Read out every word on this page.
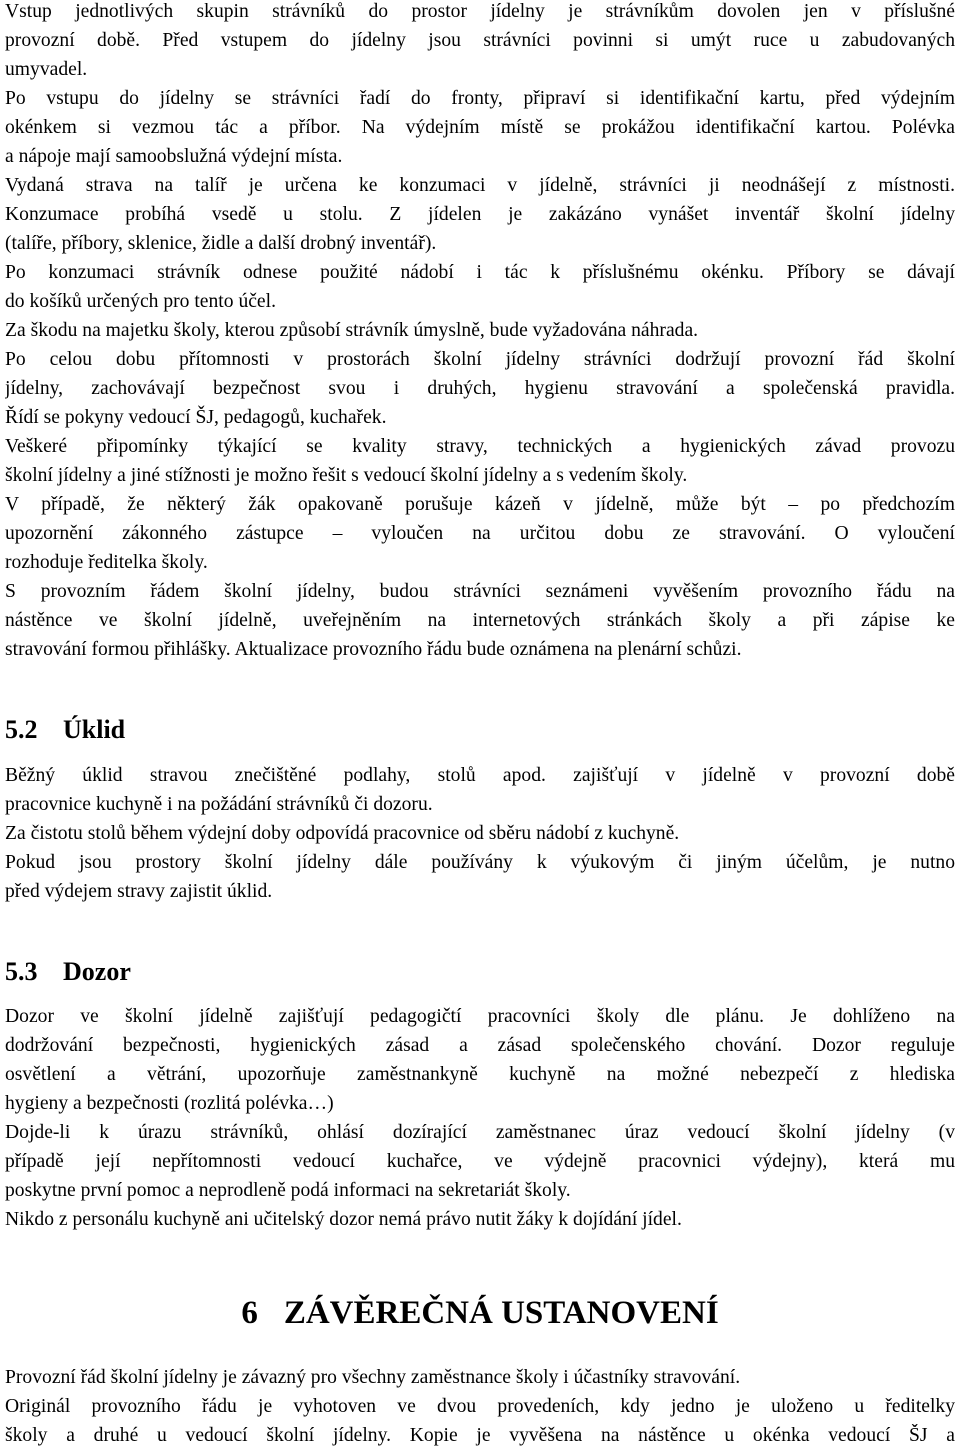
Vstup jednotlivých skupin strávníků do prostor jídelny je strávníkům dovolen jen v příslušné
provozní době. Před vstupem do jídelny jsou strávníci povinni si umýt ruce u zabudovaných
umyvadel.
Po vstupu do jídelny se strávníci řadí do fronty, připraví si identifikační kartu, před výdejním
okénkem si vezmou tác a příbor. Na výdejním místě se prokážou identifikační kartou. Polévka
a nápoje mají samoobslužná výdejní místa.
Vydaná strava na talíř je určena ke konzumaci v jídelně, strávníci ji neodnášejí z místnosti.
Konzumace probíhá vsedě u stolu. Z jídelen je zakázáno vynášet inventář školní jídelny
(talíře, příbory, sklenice, židle a další drobný inventář).
Po konzumaci strávník odnese použité nádobí i tác k příslušnému okénku. Příbory se dávají
do košíků určených pro tento účel.
Za škodu na majetku školy, kterou způsobí strávník úmyslně, bude vyžadována náhrada.
Po celou dobu přítomnosti v prostorách školní jídelny strávníci dodržují provozní řád školní
jídelny, zachovávají bezpečnost svou i druhých, hygienu stravování a společenská pravidla.
Řídí se pokyny vedoucí ŠJ, pedagogů, kuchařek.
Veškeré připomínky týkající se kvality stravy, technických a hygienických závad provozu
školní jídelny a jiné stížnosti je možno řešit s vedoucí školní jídelny a s vedením školy.
V případě, že některý žák opakovaně porušuje kázeň v jídelně, může být – po předchozím
upozornění zákonného zástupce – vyloučen na určitou dobu ze stravování. O vyloučení
rozhoduje ředitelka školy.
S provozním řádem školní jídelny, budou strávníci seznámeni vyvěšením provozního řádu na
nástěnce ve školní jídelně, uveřejněním na internetových stránkách školy a při zápise ke
stravování formou přihlášky. Aktualizace provozního řádu bude oznámena na plenární schůzi.
5.2 Úklid
Běžný úklid stravou znečištěné podlahy, stolů apod. zajišťují v jídelně v provozní době
pracovnice kuchyně i na požádání strávníků či dozoru.
Za čistotu stolů během výdejní doby odpovídá pracovnice od sběru nádobí z kuchyně.
Pokud jsou prostory školní jídelny dále používány k výukovým či jiným účelům, je nutno
před výdejem stravy zajistit úklid.
5.3 Dozor
Dozor ve školní jídelně zajišťují pedagogičtí pracovníci školy dle plánu. Je dohlíženo na
dodržování bezpečnosti, hygienických zásad a zásad společenského chování. Dozor reguluje
osvětlení a větrání, upozorňuje zaměstnankyně kuchyně na možné nebezpečí z hlediska
hygieny a bezpečnosti (rozlitá polévka…)
Dojde-li k úrazu strávníků, ohlásí dozírající zaměstnanec úraz vedoucí školní jídelny (v
případě její nepřítomnosti vedoucí kuchařce, ve výdejně pracovnici výdejny), která mu
poskytne první pomoc a neprodleně podá informaci na sekretariát školy.
Nikdo z personálu kuchyně ani učitelský dozor nemá právo nutit žáky k dojídání jídel.
6 ZÁVĚREČNÁ USTANOVENÍ
Provozní řád školní jídelny je závazný pro všechny zaměstnance školy i účastníky stravování.
Originál provozního řádu je vyhotoven ve dvou provedeních, kdy jedno je uloženo u ředitelky
školy a druhé u vedoucí školní jídelny. Kopie je vyvěšena na nástěnce u okénka vedoucí ŠJ a
